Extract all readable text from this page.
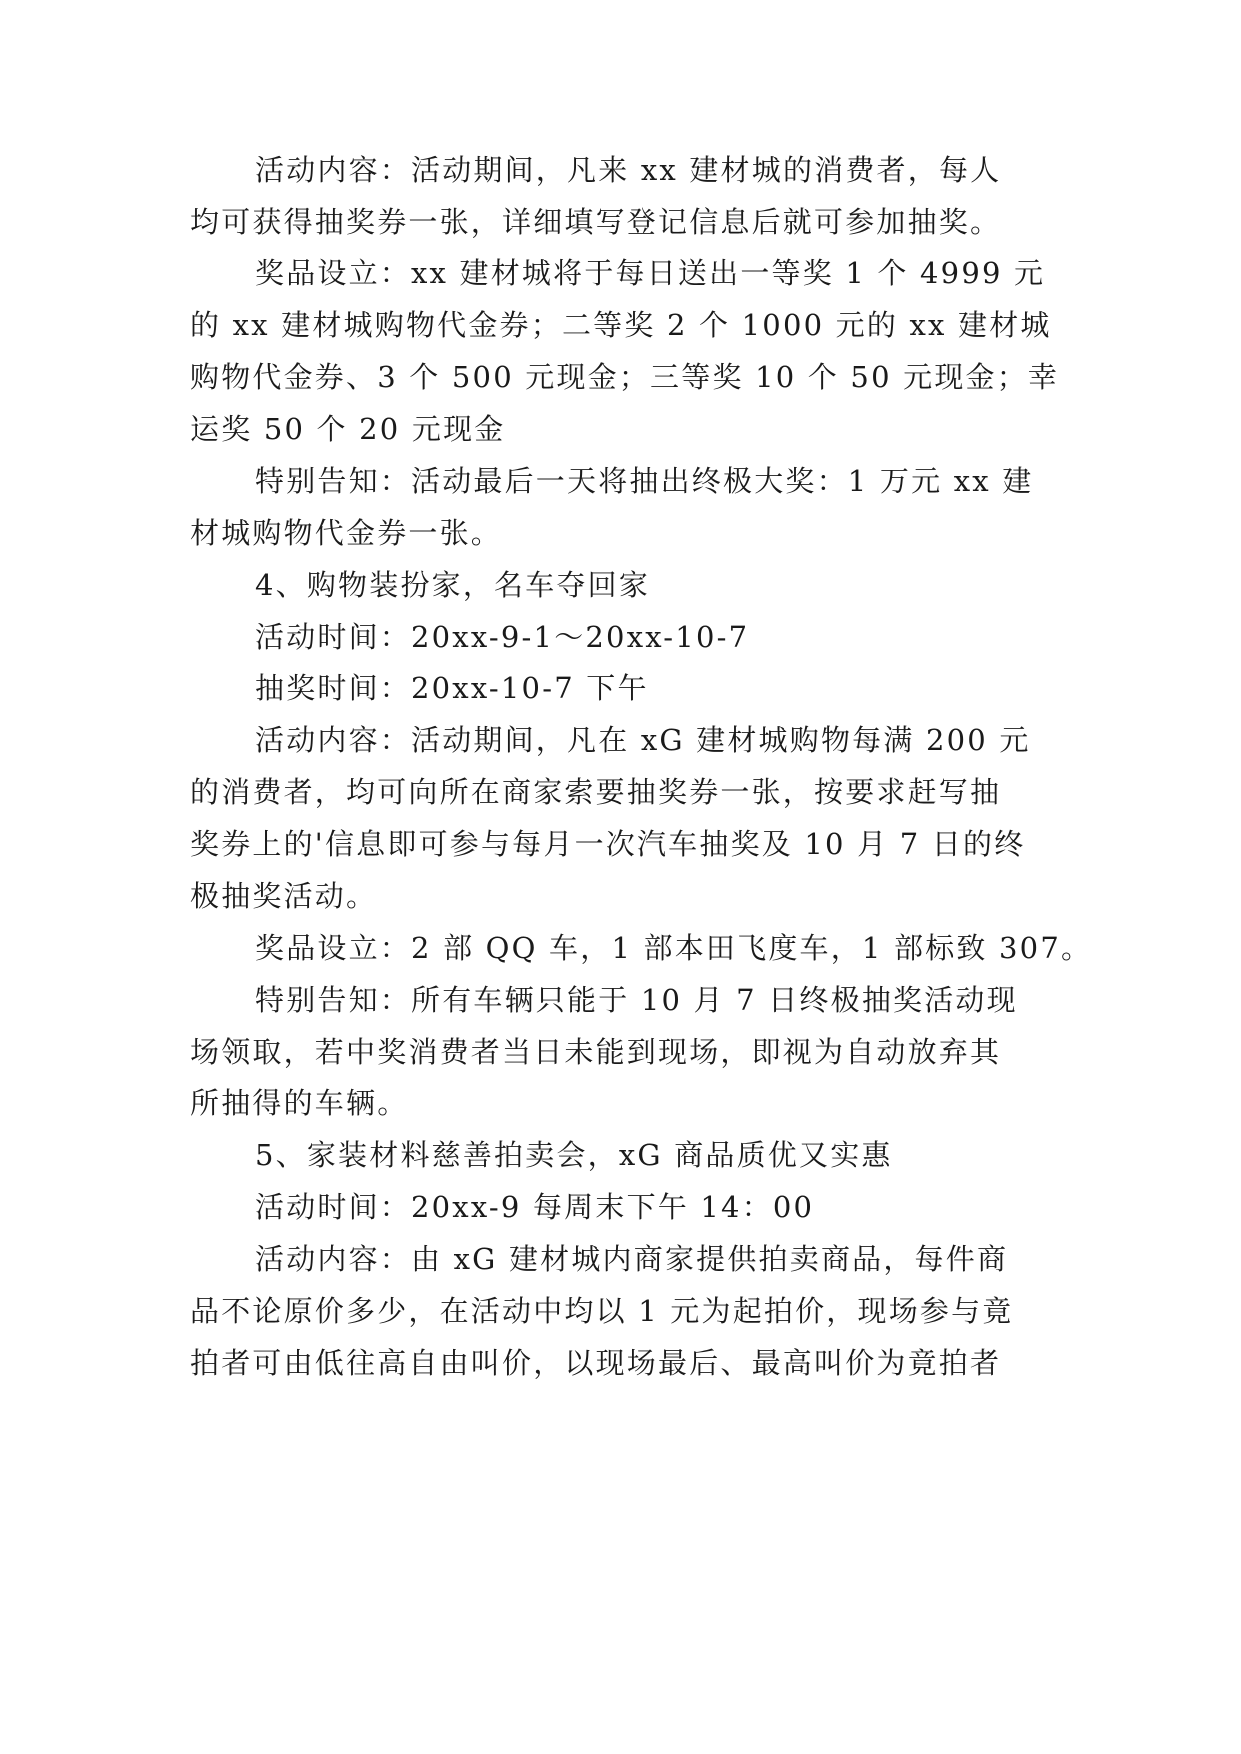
活动内容：活动期间，凡来 xx 建材城的消费者，每人
均可获得抽奖券一张，详细填写登记信息后就可参加抽奖。
奖品设立：xx 建材城将于每日送出一等奖 1 个 4999 元
的 xx 建材城购物代金券；二等奖 2 个 1000 元的 xx 建材城
购物代金券、3 个 500 元现金；三等奖 10 个 50 元现金；幸
运奖 50 个 20 元现金
特别告知：活动最后一天将抽出终极大奖：1 万元 xx 建
材城购物代金券一张。
4、购物装扮家，名车夺回家
活动时间：20xx-9-1～20xx-10-7
抽奖时间：20xx-10-7 下午
活动内容：活动期间，凡在 xG 建材城购物每满 200 元
的消费者，均可向所在商家索要抽奖券一张，按要求赶写抽
奖券上的'信息即可参与每月一次汽车抽奖及 10 月 7 日的终
极抽奖活动。
奖品设立：2 部 QQ 车，1 部本田飞度车，1 部标致 307。
特别告知：所有车辆只能于 10 月 7 日终极抽奖活动现
场领取，若中奖消费者当日未能到现场，即视为自动放弃其
所抽得的车辆。
5、家装材料慈善拍卖会，xG 商品质优又实惠
活动时间：20xx-9 每周末下午 14：00
活动内容：由 xG 建材城内商家提供拍卖商品，每件商
品不论原价多少，在活动中均以 1 元为起拍价，现场参与竟
拍者可由低往高自由叫价，以现场最后、最高叫价为竟拍者
